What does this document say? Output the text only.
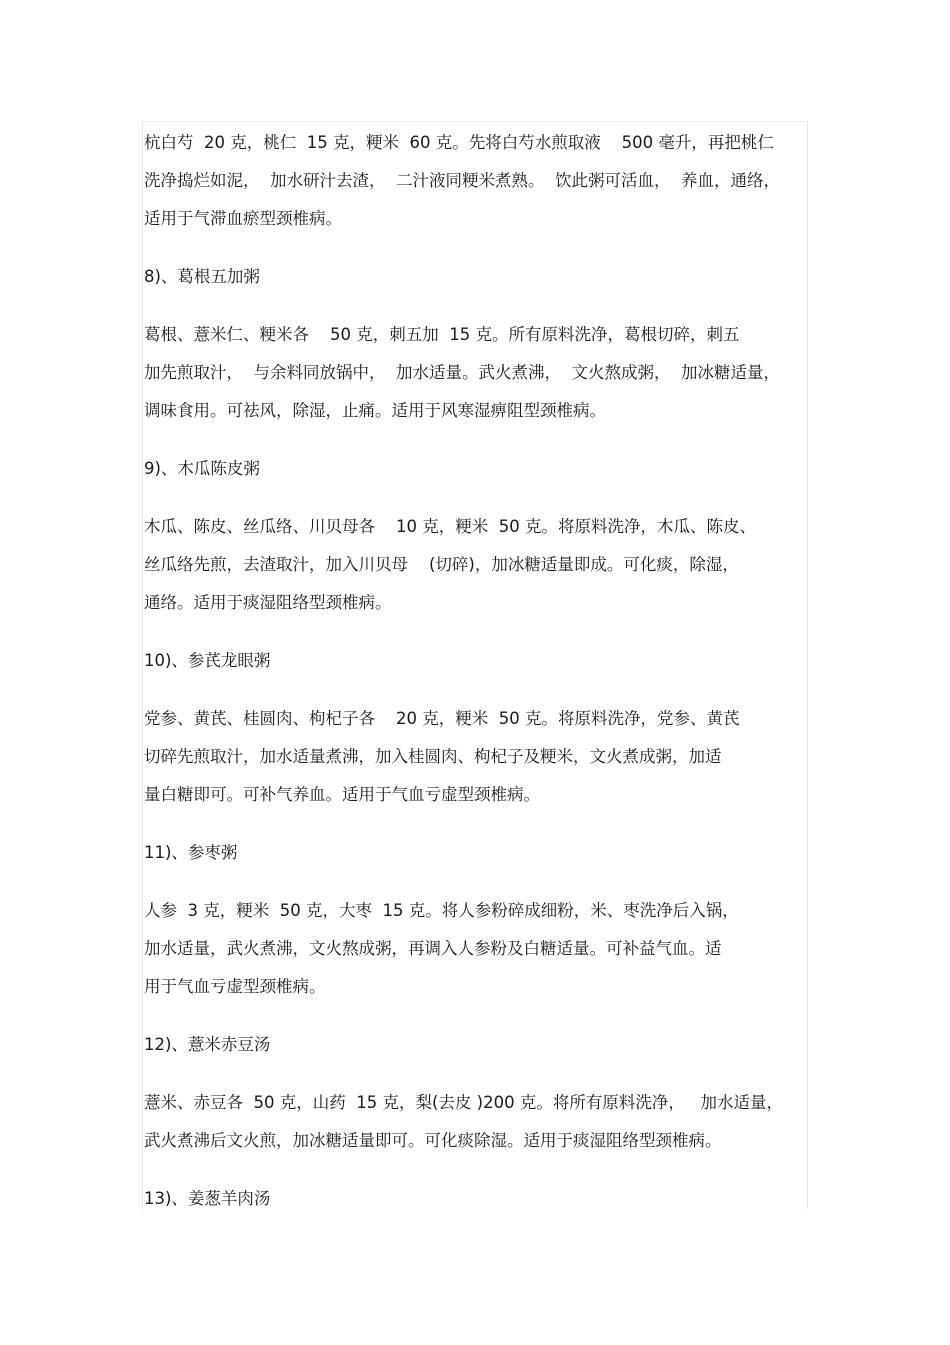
杭白芍  20 克，桃仁  15 克，粳米  60 克。先将白芍水煎取液    500 毫升，再把桃仁
洗净捣烂如泥，  加水研汁去渣，  二汁液同粳米煮熟。  饮此粥可活血，  养血，通络，
适用于气滞血瘀型颈椎病。
8)、葛根五加粥
葛根、薏米仁、粳米各    50 克，刺五加  15 克。所有原料洗净，葛根切碎，刺五
加先煎取汁，  与余料同放锅中，  加水适量。武火煮沸，  文火熬成粥，  加冰糖适量，
调味食用。可祛风，除湿，止痛。适用于风寒湿痹阻型颈椎病。
9)、木瓜陈皮粥
木瓜、陈皮、丝瓜络、川贝母各    10 克，粳米  50 克。将原料洗净，木瓜、陈皮、
丝瓜络先煎，去渣取汁，加入川贝母    (切碎)，加冰糖适量即成。可化痰，除湿，
通络。适用于痰湿阻络型颈椎病。
10)、参芪龙眼粥
党参、黄芪、桂圆肉、枸杞子各    20 克，粳米  50 克。将原料洗净，党参、黄芪
切碎先煎取汁，加水适量煮沸，加入桂圆肉、枸杞子及粳米，文火煮成粥，加适
量白糖即可。可补气养血。适用于气血亏虚型颈椎病。
11)、参枣粥
人参  3 克，粳米  50 克，大枣  15 克。将人参粉碎成细粉，米、枣洗净后入锅，
加水适量，武火煮沸，文火熬成粥，再调入人参粉及白糖适量。可补益气血。适
用于气血亏虚型颈椎病。
12)、薏米赤豆汤
薏米、赤豆各  50 克，山药  15 克，梨(去皮 )200 克。将所有原料洗净，   加水适量，
武火煮沸后文火煎，加冰糖适量即可。可化痰除湿。适用于痰湿阻络型颈椎病。
13)、姜葱羊肉汤
